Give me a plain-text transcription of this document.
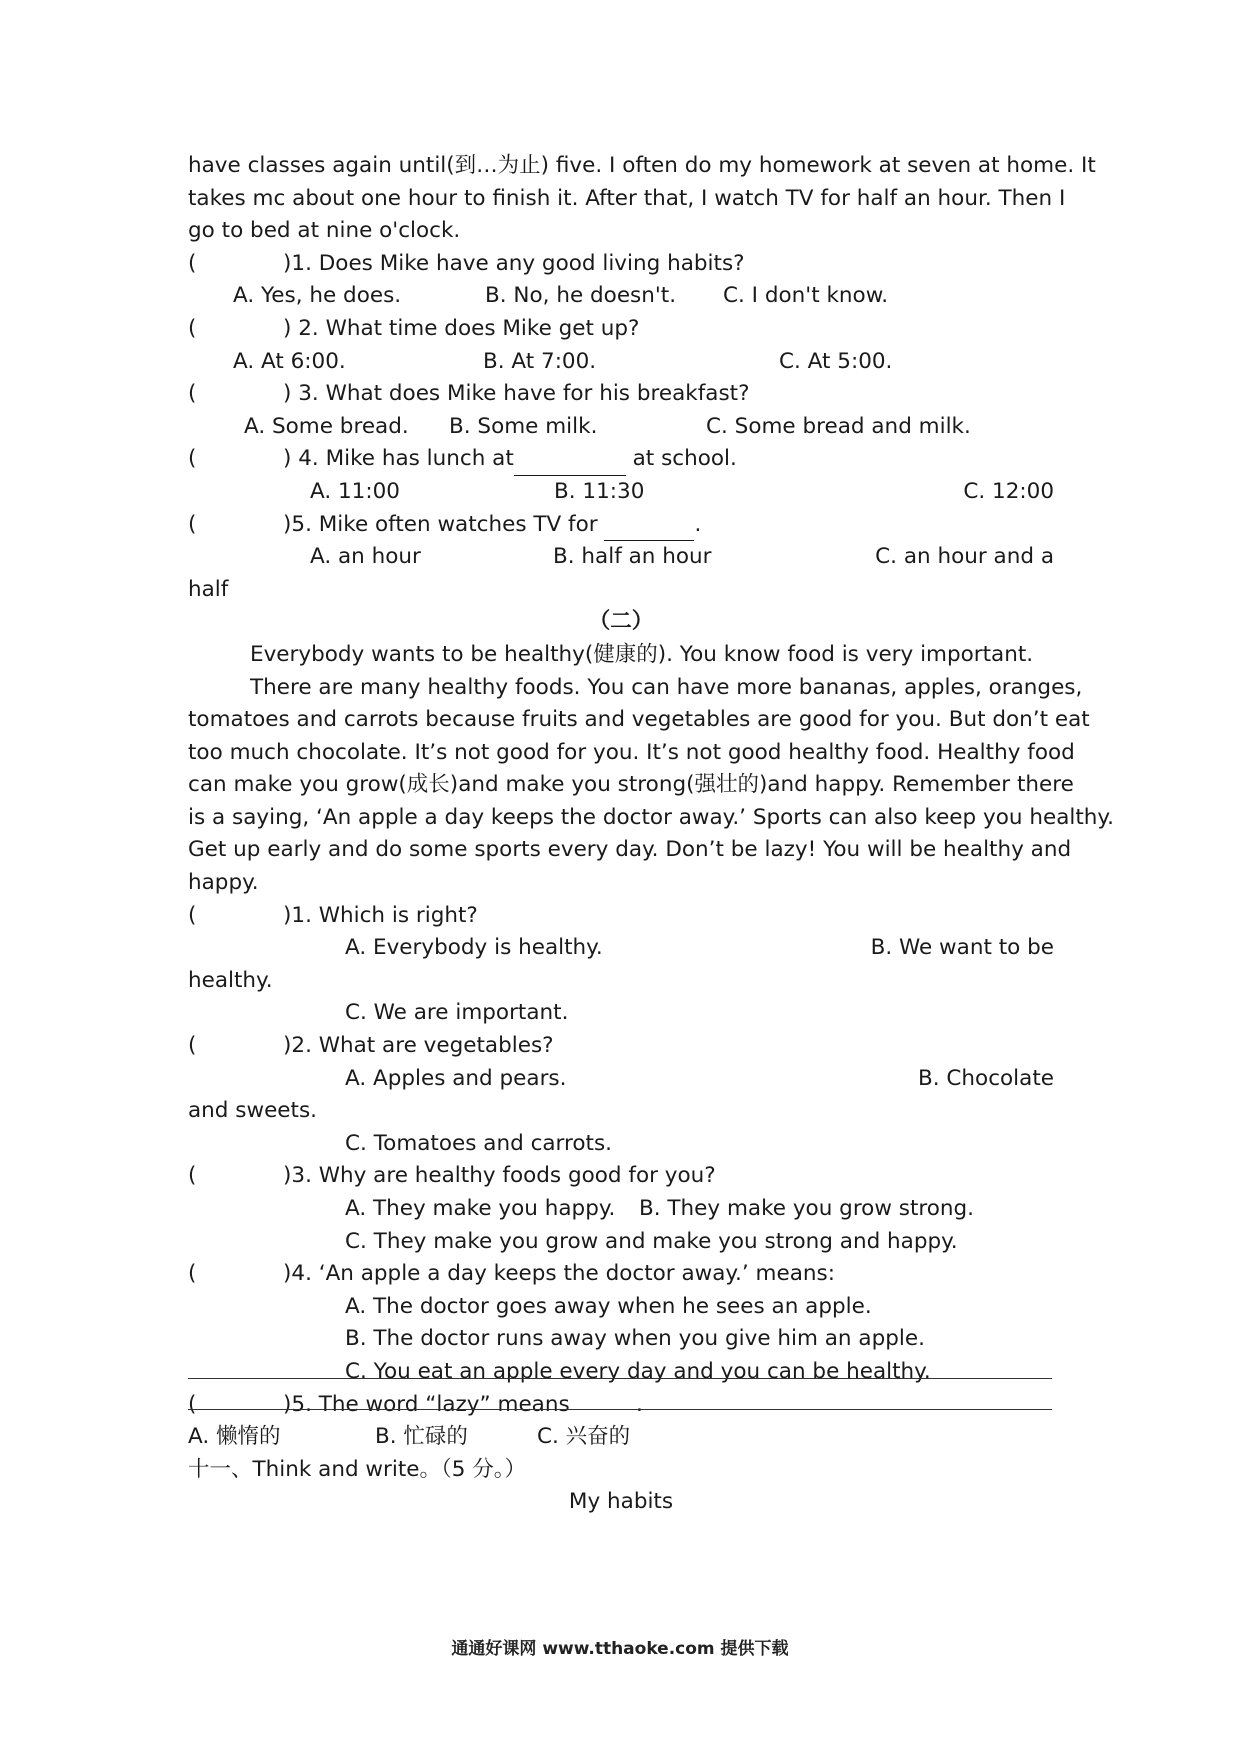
have classes again until(到…为止) five. I often do my homework at seven at home. It
takes mc about one hour to finish it. After that, I watch TV for half an hour. Then I
go to bed at nine o'clock.
(	)1. Does Mike have any good living habits?
A. Yes, he does.	B. No, he doesn't. C. I don't know.
(	) 2. What time does Mike get up?
A. At 6:00.	B. At 7:00.	C. At 5:00.
(	) 3. What does Mike have for his breakfast?
A. Some bread. B. Some milk.	C. Some bread and milk.
(	) 4. Mike has lunch at	at school.
A. 11:00	B. 11:30	C. 12:00
(	)5. Mike often watches TV for	.
A. an hour	B. half an hour	C. an hour and a
half
（二）
Everybody wants to be healthy(健康的). You know food is very important.
There are many healthy foods. You can have more bananas, apples, oranges,
tomatoes and carrots because fruits and vegetables are good for you. But don’t eat
too much chocolate. It’s not good for you. It’s not good healthy food. Healthy food
can make you grow(成长)and make you strong(强壮的)and happy. Remember there
is a saying, ‘An apple a day keeps the doctor away.’ Sports can also keep you healthy.
Get up early and do some sports every day. Don’t be lazy! You will be healthy and
happy.
(	)1. Which is right?
A. Everybody is healthy.	B. We want to be
healthy.
C. We are important.
(	)2. What are vegetables?
A. Apples and pears.	B. Chocolate
and sweets.
C. Tomatoes and carrots.
(	)3. Why are healthy foods good for you?
A. They make you happy. B. They make you grow strong.
C. They make you grow and make you strong and happy.
(	)4. ‘An apple a day keeps the doctor away.’ means:
A. The doctor goes away when he sees an apple.
B. The doctor runs away when you give him an apple.
C. You eat an apple every day and you can be healthy.
(	)5. The word “lazy” means	.
A. 懒惰的	B. 忙碌的	C. 兴奋的
十一、Think and write。（5 分。）
My habits
通通好课网 www.tthaoke.com 提供下载
